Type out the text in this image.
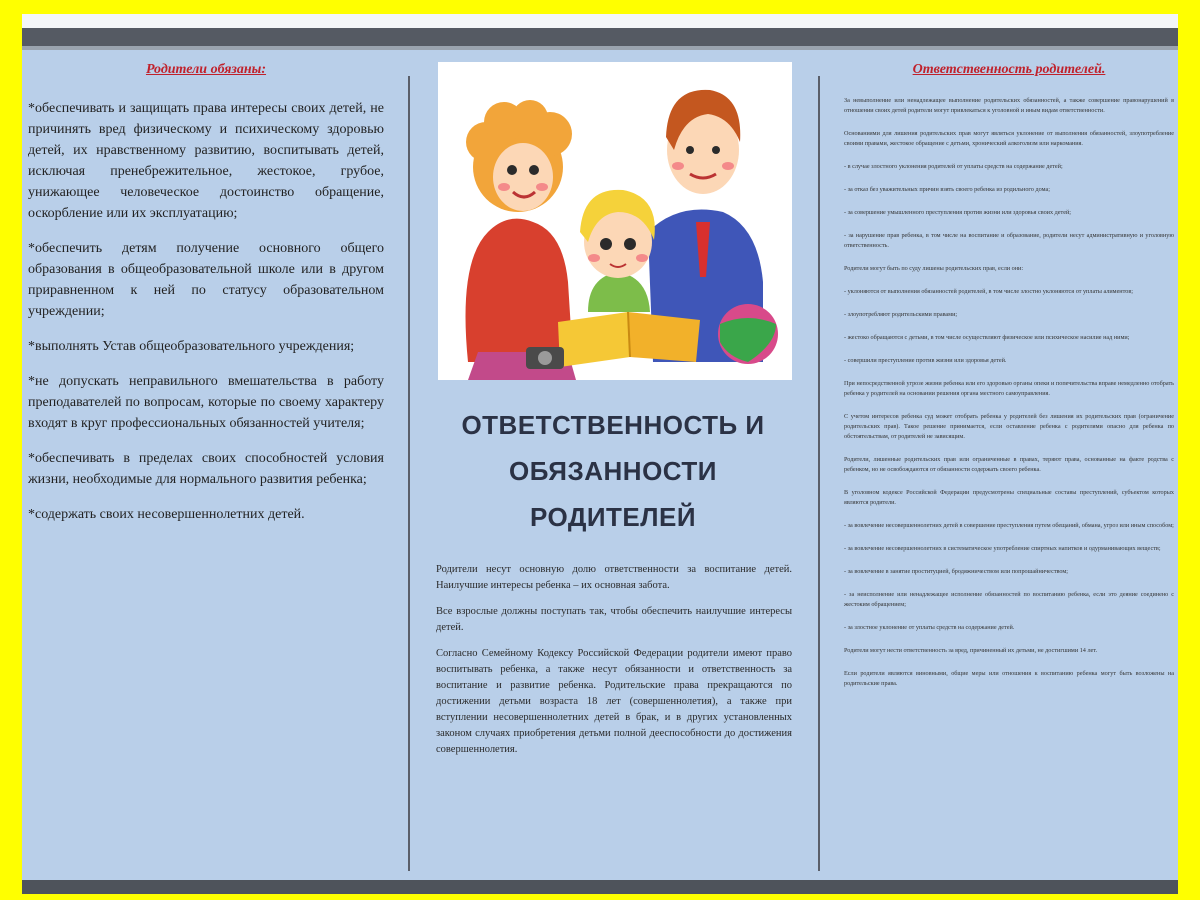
Родители обязаны:

*обеспечивать и защищать права интересы своих детей, не причинять вред физическому и психическому здоровью детей, их нравственному развитию, воспитывать детей, исключая пренебрежительное, жестокое, грубое, унижающее человеческое достоинство обращение, оскорбление или их эксплуатацию;

*обеспечить детям получение основного общего образования в общеобразовательной школе или в другом приравненном к ней по статусу образовательном учреждении;

*выполнять Устав общеобразовательного учреждения;

*не допускать неправильного вмешательства в работу преподавателей по вопросам, которые по своему характеру входят в круг профессиональных обязанностей учителя;

*обеспечивать в пределах своих способностей условия жизни, необходимые для нормального развития ребенка;

*содержать своих несовершеннолетних детей.

ОТВЕТСТВЕННОСТЬ И
ОБЯЗАННОСТИ
РОДИТЕЛЕЙ

Родители несут основную долю ответственности за воспитание детей. Наилучшие интересы ребенка – их основная забота.

Все взрослые должны поступать так, чтобы обеспечить наилучшие интересы детей.

Согласно Семейному Кодексу Российской Федерации родители имеют право воспитывать ребенка, а также несут обязанности и ответственность за воспитание и развитие ребенка. Родительские права прекращаются по достижении детьми возраста 18 лет (совершеннолетия), а также при вступлении несовершеннолетних детей в брак, и в других установленных законом случаях приобретения детьми полной дееспособности до достижения совершеннолетия.

Ответственность родителей.

За невыполнение или ненадлежащее выполнение родительских обязанностей, а также совершение правонарушений в отношении своих детей родители могут привлекаться к уголовной и иным видам ответственности.

Основаниями для лишения родительских прав могут являться уклонение от выполнения обязанностей, злоупотребление своими правами, жестокое обращение с детьми, хронический алкоголизм или наркомания.

- в случае злостного уклонения родителей от уплаты средств на содержание детей;

- за отказ без уважительных причин взять своего ребенка из родильного дома;

- за совершение умышленного преступления против жизни или здоровья своих детей;

- за нарушение прав ребенка, в том числе на воспитание и образование, родители несут административную и уголовную ответственность.

Родители могут быть по суду лишены родительских прав, если они:

- уклоняются от выполнения обязанностей родителей, в том числе злостно уклоняются от уплаты алиментов;

- злоупотребляют родительскими правами;

- жестоко обращаются с детьми, в том числе осуществляют физическое или психическое насилие над ними;

- совершили преступление против жизни или здоровья детей.

При непосредственной угрозе жизни ребенка или его здоровью органы опеки и попечительства вправе немедленно отобрать ребенка у родителей на основании решения органа местного самоуправления.

С учетом интересов ребенка суд может отобрать ребенка у родителей без лишения их родительских прав (ограничение родительских прав). Такое решение принимается, если оставление ребенка с родителями опасно для ребенка по обстоятельствам, от родителей не зависящим.

Родители, лишенные родительских прав или ограниченные в правах, теряют права, основанные на факте родства с ребенком, но не освобождаются от обязанности содержать своего ребенка.

В уголовном кодексе Российской Федерации предусмотрены специальные составы преступлений, субъектом которых являются родители.

- за вовлечение несовершеннолетних детей в совершение преступления путем обещаний, обмана, угроз или иным способом;

- за вовлечение несовершеннолетних в систематическое употребление спиртных напитков и одурманивающих веществ;

- за вовлечение в занятие проституцией, бродяжничеством или попрошайничеством;

- за неисполнение или ненадлежащее исполнение обязанностей по воспитанию ребенка, если это деяние соединено с жестоким обращением;

- за злостное уклонение от уплаты средств на содержание детей.

Родители могут нести ответственность за вред, причиненный их детьми, не достигшими 14 лет.

Если родители являются виновными, общие меры или отношения к воспитанию ребенка могут быть возложены на родительские права.
